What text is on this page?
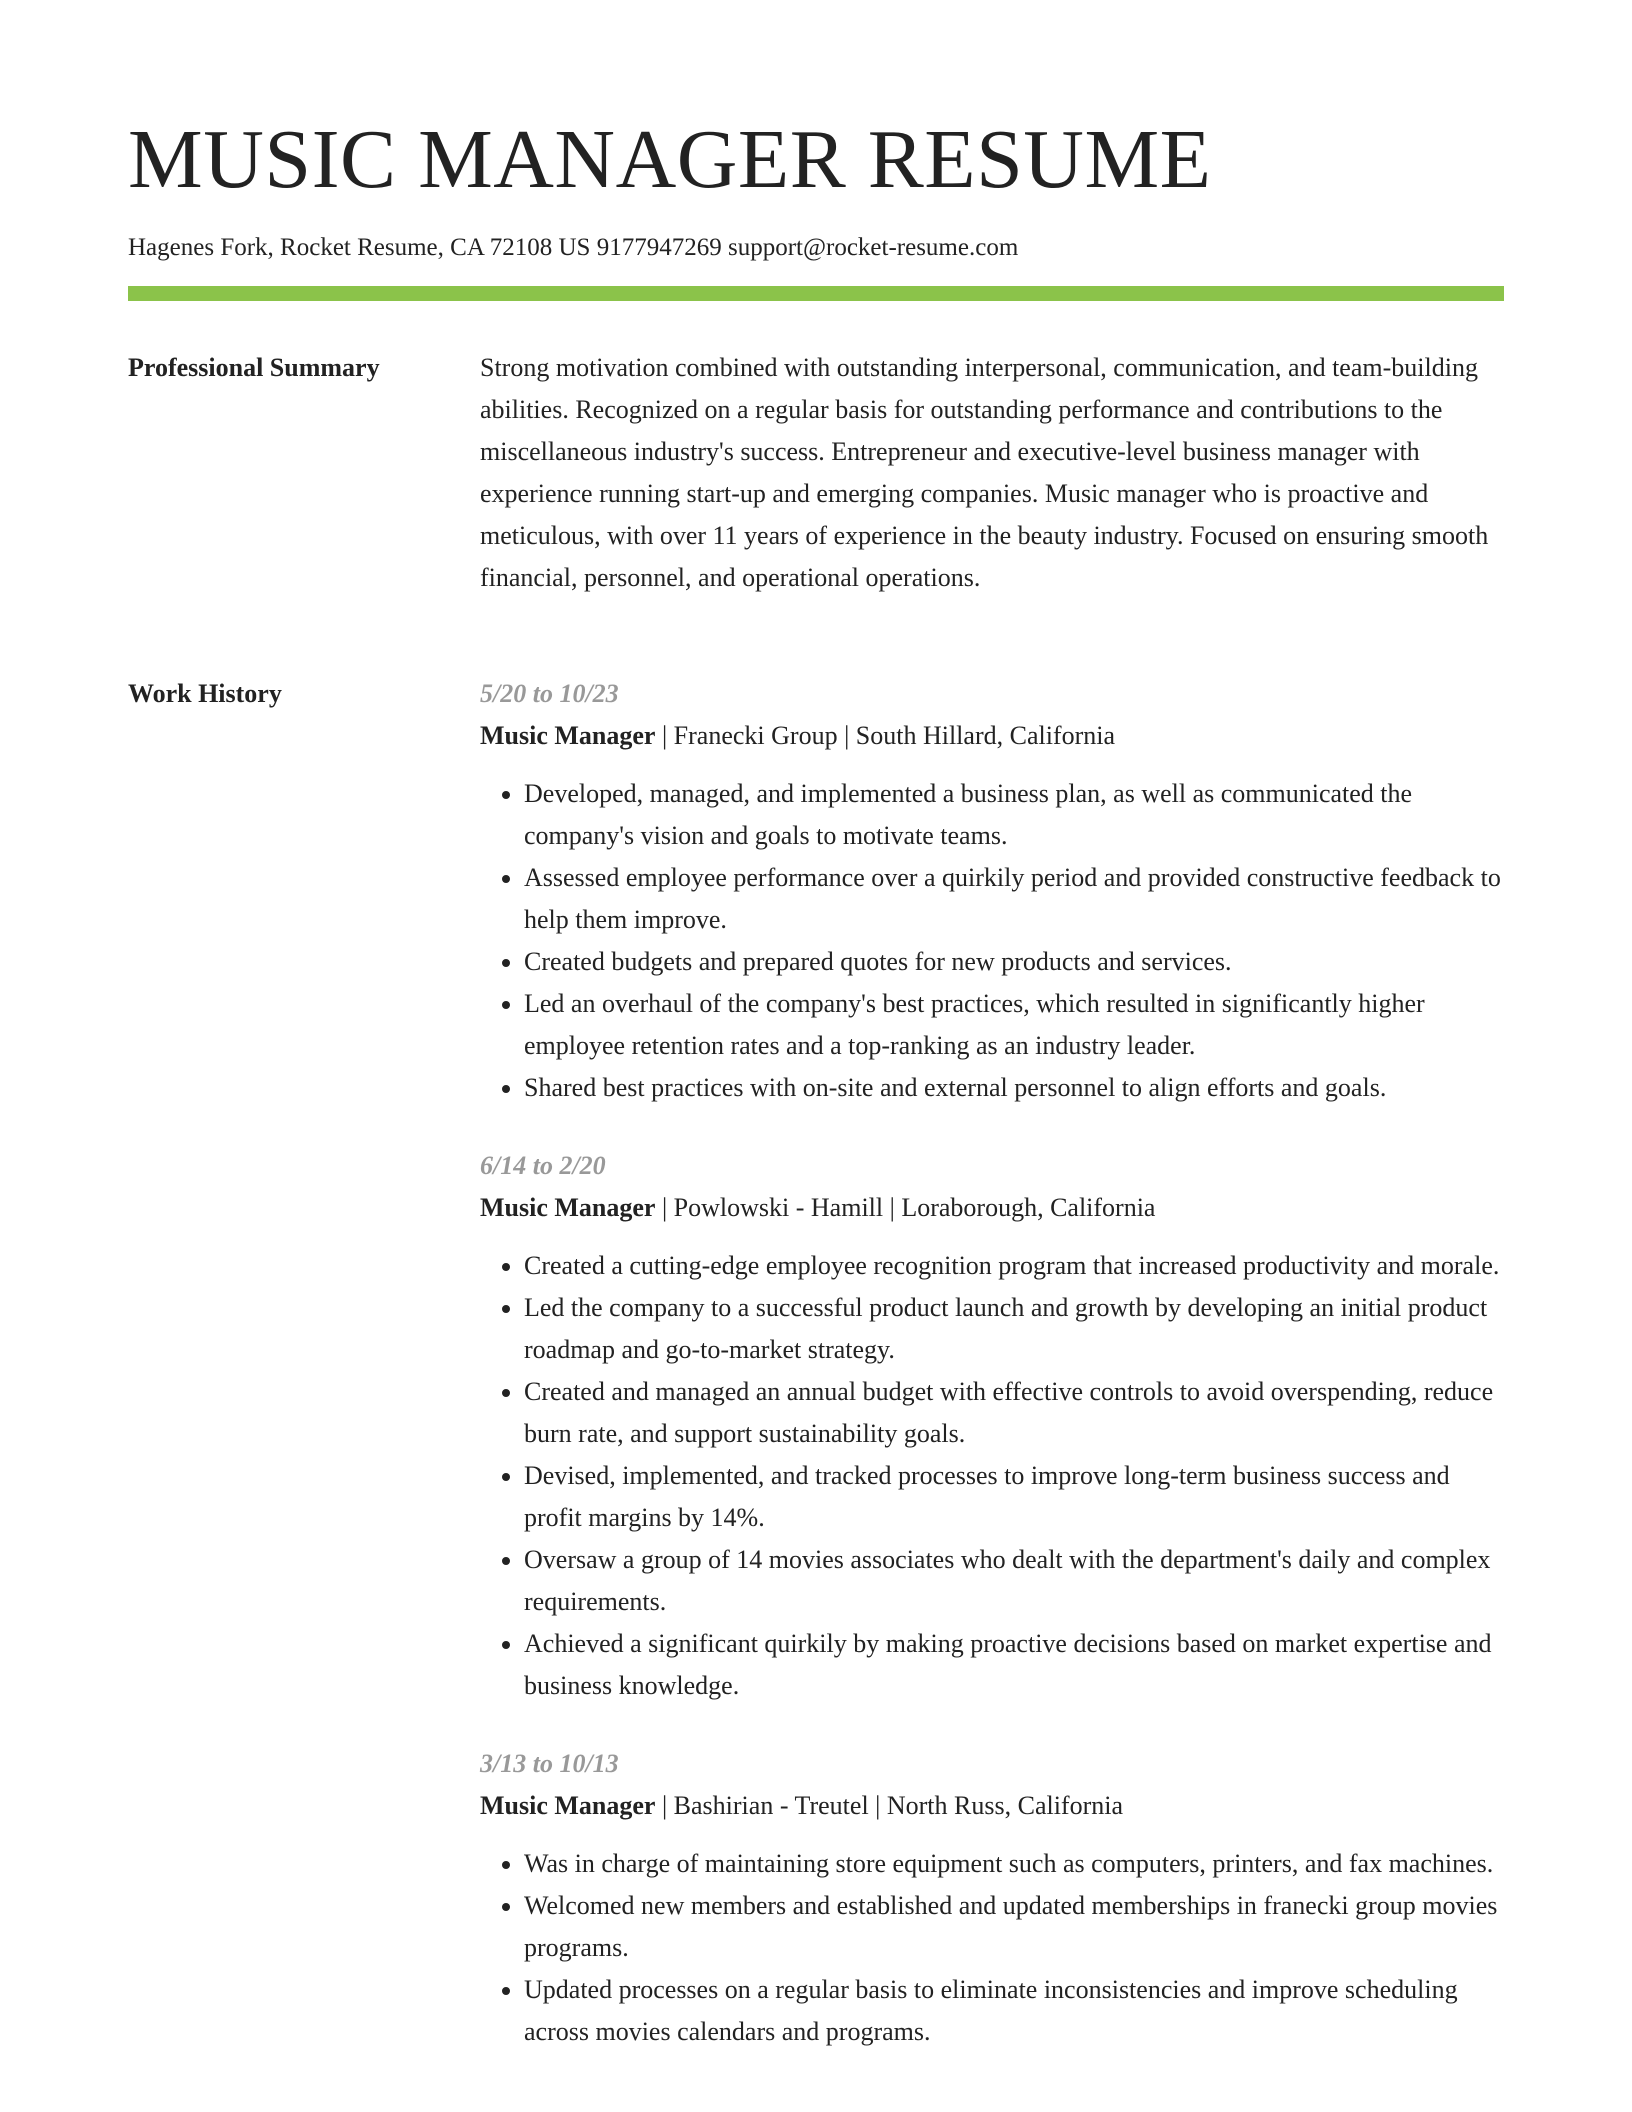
MUSIC MANAGER RESUME
Hagenes Fork, Rocket Resume, CA 72108 US 9177947269 support@rocket-resume.com
Professional Summary	Strong motivation combined with outstanding interpersonal, communication, and team-building abilities. Recognized on a regular basis for outstanding performance and contributions to the miscellaneous industry's success. Entrepreneur and executive-level business manager with experience running start-up and emerging companies. Music manager who is proactive and meticulous, with over 11 years of experience in the beauty industry. Focused on ensuring smooth financial, personnel, and operational operations.

Work History	5/20 to 10/23
Music Manager | Franecki Group | South Hillard, California
• Developed, managed, and implemented a business plan, as well as communicated the company's vision and goals to motivate teams.
• Assessed employee performance over a quirkily period and provided constructive feedback to help them improve.
• Created budgets and prepared quotes for new products and services.
• Led an overhaul of the company's best practices, which resulted in significantly higher employee retention rates and a top-ranking as an industry leader.
• Shared best practices with on-site and external personnel to align efforts and goals.
6/14 to 2/20
Music Manager | Powlowski - Hamill | Loraborough, California
• Created a cutting-edge employee recognition program that increased productivity and morale.
• Led the company to a successful product launch and growth by developing an initial product roadmap and go-to-market strategy.
• Created and managed an annual budget with effective controls to avoid overspending, reduce burn rate, and support sustainability goals.
• Devised, implemented, and tracked processes to improve long-term business success and profit margins by 14%.
• Oversaw a group of 14 movies associates who dealt with the department's daily and complex requirements.
• Achieved a significant quirkily by making proactive decisions based on market expertise and business knowledge.
3/13 to 10/13
Music Manager | Bashirian - Treutel | North Russ, California
• Was in charge of maintaining store equipment such as computers, printers, and fax machines.
• Welcomed new members and established and updated memberships in franecki group movies programs.
• Updated processes on a regular basis to eliminate inconsistencies and improve scheduling across movies calendars and programs.
